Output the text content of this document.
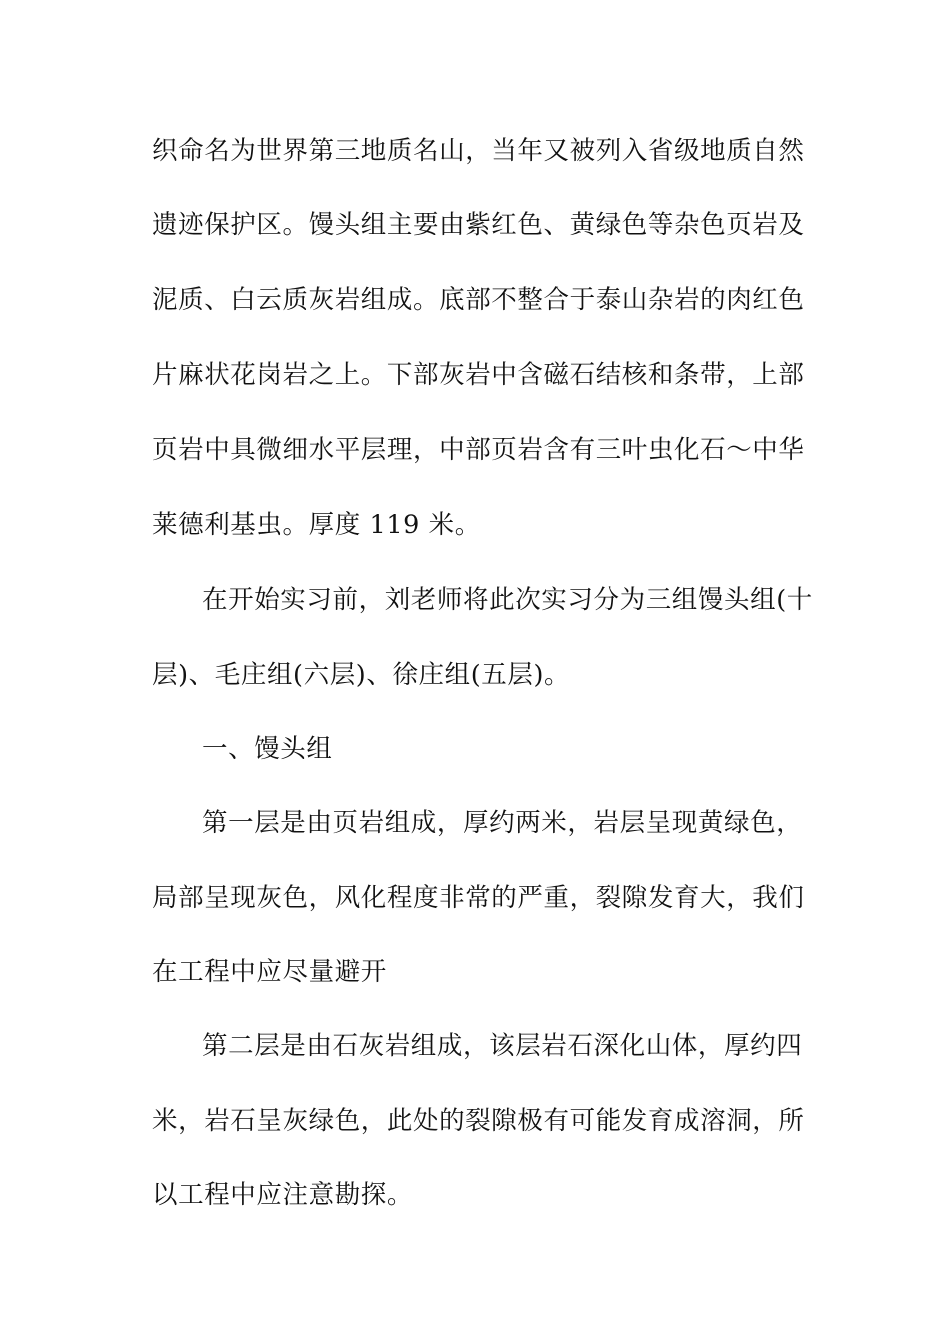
织命名为世界第三地质名山，当年又被列入省级地质自然
遗迹保护区。馒头组主要由紫红色、黄绿色等杂色页岩及
泥质、白云质灰岩组成。底部不整合于泰山杂岩的肉红色
片麻状花岗岩之上。下部灰岩中含磁石结核和条带，上部
页岩中具微细水平层理，中部页岩含有三叶虫化石～中华
莱德利基虫。厚度 119 米。
在开始实习前，刘老师将此次实习分为三组馒头组(十
层)、毛庄组(六层)、徐庄组(五层)。
一、馒头组
第一层是由页岩组成，厚约两米，岩层呈现黄绿色，
局部呈现灰色，风化程度非常的严重，裂隙发育大，我们
在工程中应尽量避开
第二层是由石灰岩组成，该层岩石深化山体，厚约四
米，岩石呈灰绿色，此处的裂隙极有可能发育成溶洞，所
以工程中应注意勘探。
